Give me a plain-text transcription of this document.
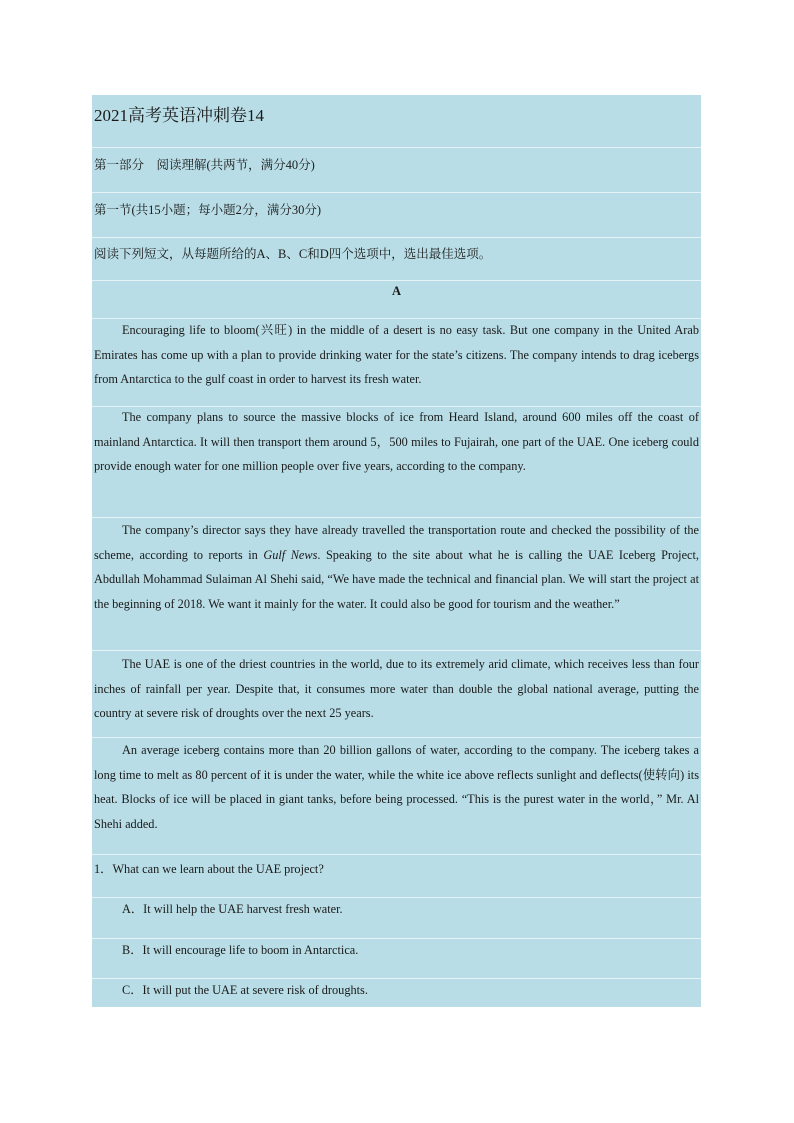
2021高考英语冲刺卷14
第一部分　阅读理解(共两节，满分40分)
第一节(共15小题；每小题2分，满分30分)
阅读下列短文，从每题所给的A、B、C和D四个选项中，选出最佳选项。
A
Encouraging life to bloom(兴旺) in the middle of a desert is no easy task. But one company in the United Arab Emirates has come up with a plan to provide drinking water for the state’s citizens. The company intends to drag icebergs from Antarctica to the gulf coast in order to harvest its fresh water.
The company plans to source the massive blocks of ice from Heard Island, around 600 miles off the coast of mainland Antarctica. It will then transport them around 5，500 miles to Fujairah, one part of the UAE. One iceberg could provide enough water for one million people over five years, according to the company.
The company’s director says they have already travelled the transportation route and checked the possibility of the scheme, according to reports in Gulf News. Speaking to the site about what he is calling the UAE Iceberg Project, Abdullah Mohammad Sulaiman Al Shehi said, “We have made the technical and financial plan. We will start the project at the beginning of 2018. We want it mainly for the water. It could also be good for tourism and the weather.”
The UAE is one of the driest countries in the world, due to its extremely arid climate, which receives less than four inches of rainfall per year. Despite that, it consumes more water than double the global national average, putting the country at severe risk of droughts over the next 25 years.
An average iceberg contains more than 20 billion gallons of water, according to the company. The iceberg takes a long time to melt as 80 percent of it is under the water, while the white ice above reflects sunlight and deflects(使转向) its heat. Blocks of ice will be placed in giant tanks, before being processed. “This is the purest water in the world，” Mr. Al Shehi added.
1．What can we learn about the UAE project?
A．It will help the UAE harvest fresh water.
B．It will encourage life to boom in Antarctica.
C．It will put the UAE at severe risk of droughts.
